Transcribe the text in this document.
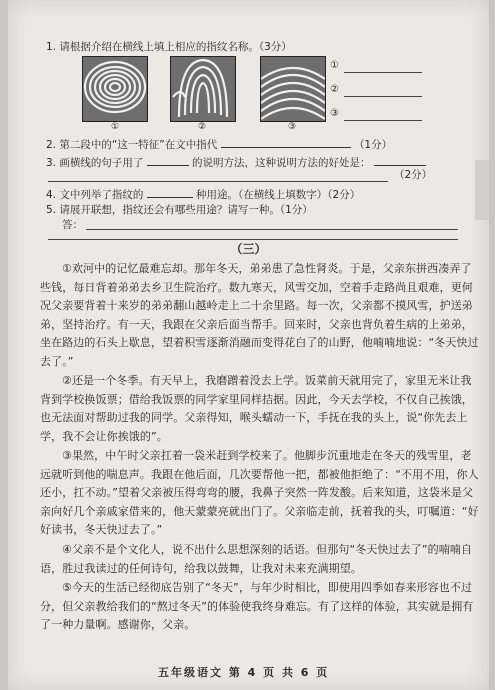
1. 请根据介绍在横线上填上相应的指纹名称。（3分）
①	②	③
①
②
③
2. 第二段中的“这一特征”在文中指代	（1分）
3. 画横线的句子用了	的说明方法，这种说明方法的好处是：
（2分）
4. 文中列举了指纹的	种用途。（在横线上填数字）（2分）
5. 请展开联想，指纹还会有哪些用途？请写一种。（1分）
答：
（三）
①欢河中的记忆最难忘却。那年冬天，弟弟患了急性肾炎。于是，父亲东拼西凑弄了些钱，每日背着弟弟去乡卫生院治疗。数九寒天，风雪交加，空着手走路尚且艰难，更何况父亲要背着十来岁的弟弟翻山越岭走上二十余里路。每一次，父亲都不摸风雪，护送弟弟，坚持治疗。有一天，我跟在父亲后面当帮手。回来时，父亲也背负着生病的上弟弟，坐在路边的石头上歇息，望着积雪逐渐消融而变得花白了的山野，他喃喃地说：“冬天快过去了。”
②还是一个冬季。有天早上，我磨蹭着没去上学。饭菜前天就用完了，家里无米让我背到学校换饭票；借给我饭票的同学家里同样拮据。因此，今天去学校，不仅自己挨饿，也无法面对帮助过我的同学。父亲得知，喉头蠕动一下，手抚在我的头上，说“你先去上学，我不会让你挨饿的”。
③果然，中午时父亲扛着一袋米赶到学校来了。他脚步沉重地走在冬天的残雪里，老远就听到他的喘息声。我跟在他后面，几次要帮他一把，都被他拒绝了：“不用不用，你人还小，扛不动。”望着父亲被压得弯弯的腰，我鼻子突然一阵发酸。后来知道，这袋米是父亲向好几个亲戚家借来的，他天蒙蒙亮就出门了。父亲临走前，抚着我的头，叮嘱道：“好好读书，冬天快过去了。”
④父亲不是个文化人，说不出什么思想深刻的话语。但那句“冬天快过去了”的喃喃自语，胜过我读过的任何诗句，给我以鼓舞，让我对未来充满期望。
⑤今天的生活已经彻底告别了“冬天”，与年少时相比，即使用四季如春来形容也不过分，但父亲教给我们的“熬过冬天”的体验使我终身难忘。有了这样的体验，其实就是拥有了一种力量啊。感谢你，父亲。
五年级语文 第 4 页 共 6 页
